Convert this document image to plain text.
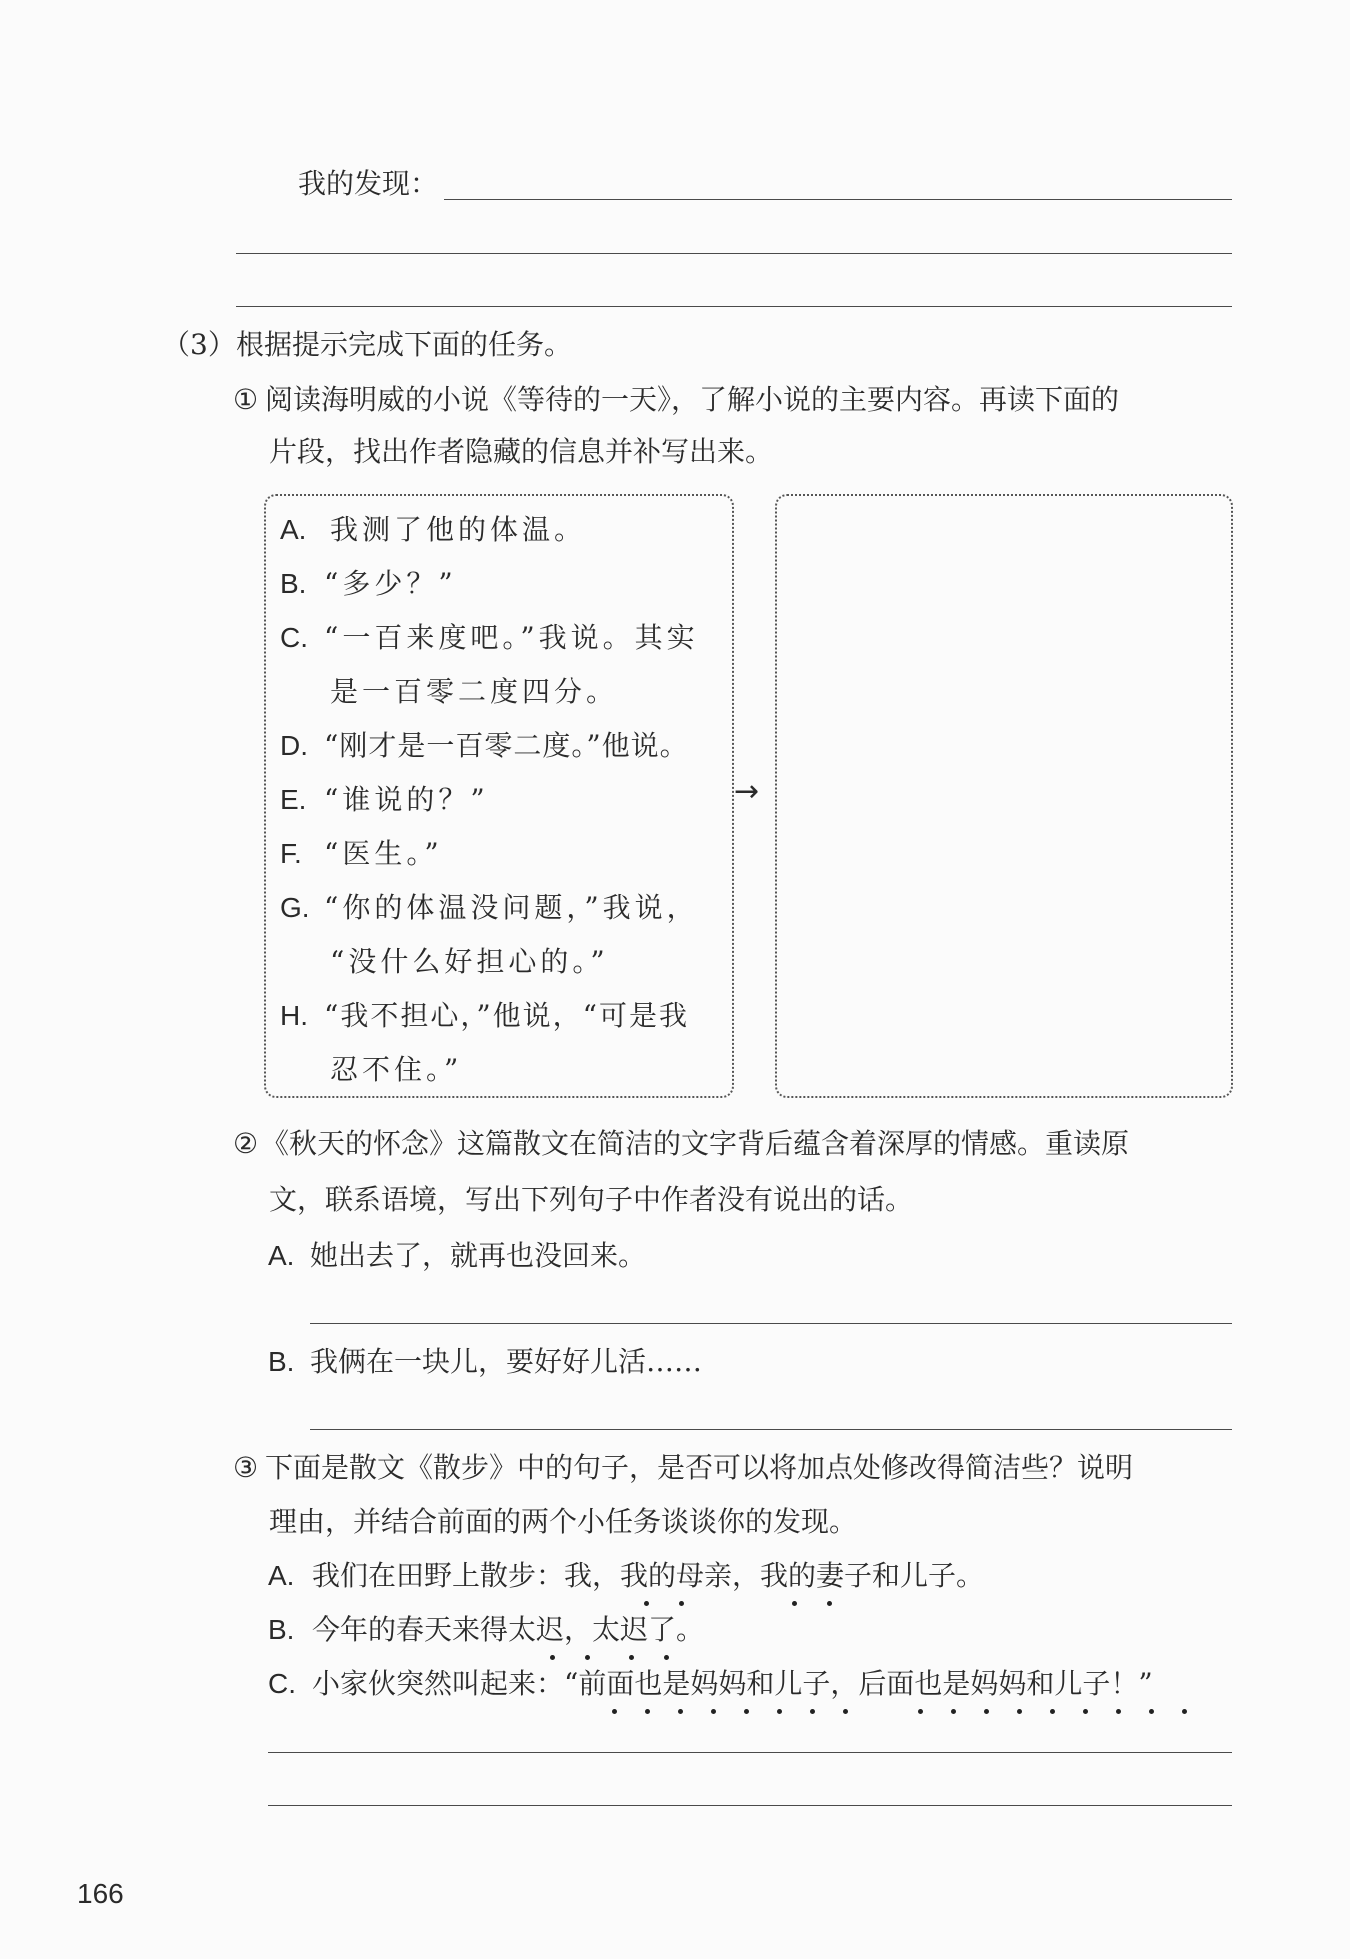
我的发现：
（3） 根据提示完成下面的任务。
① 阅读海明威的小说《等待的一天》，了解小说的主要内容。再读下面的
片段，找出作者隐藏的信息并补写出来。
A. 我测了他的体温。
B. “多少？”
C. “一百来度吧。”我说。其实
是一百零二度四分。
D. “刚才是一百零二度。”他说。
E. “谁说的？”
F. “医生。”
G. “你的体温没问题，”我说，
“没什么好担心的。”
H. “我不担心，”他说，“可是我
忍不住。”
→
② 《秋天的怀念》这篇散文在简洁的文字背后蕴含着深厚的情感。重读原
文，联系语境，写出下列句子中作者没有说出的话。
A. 她出去了，就再也没回来。
B. 我俩在一块儿，要好好儿活……
③ 下面是散文《散步》中的句子，是否可以将加点处修改得简洁些？说明
理由，并结合前面的两个小任务谈谈你的发现。
A. 我们在田野上散步：我，我的母亲，我的妻子和儿子。
B. 今年的春天来得太迟，太迟了。
C. 小家伙突然叫起来：“前面也是妈妈和儿子，后面也是妈妈和儿子！”
166
